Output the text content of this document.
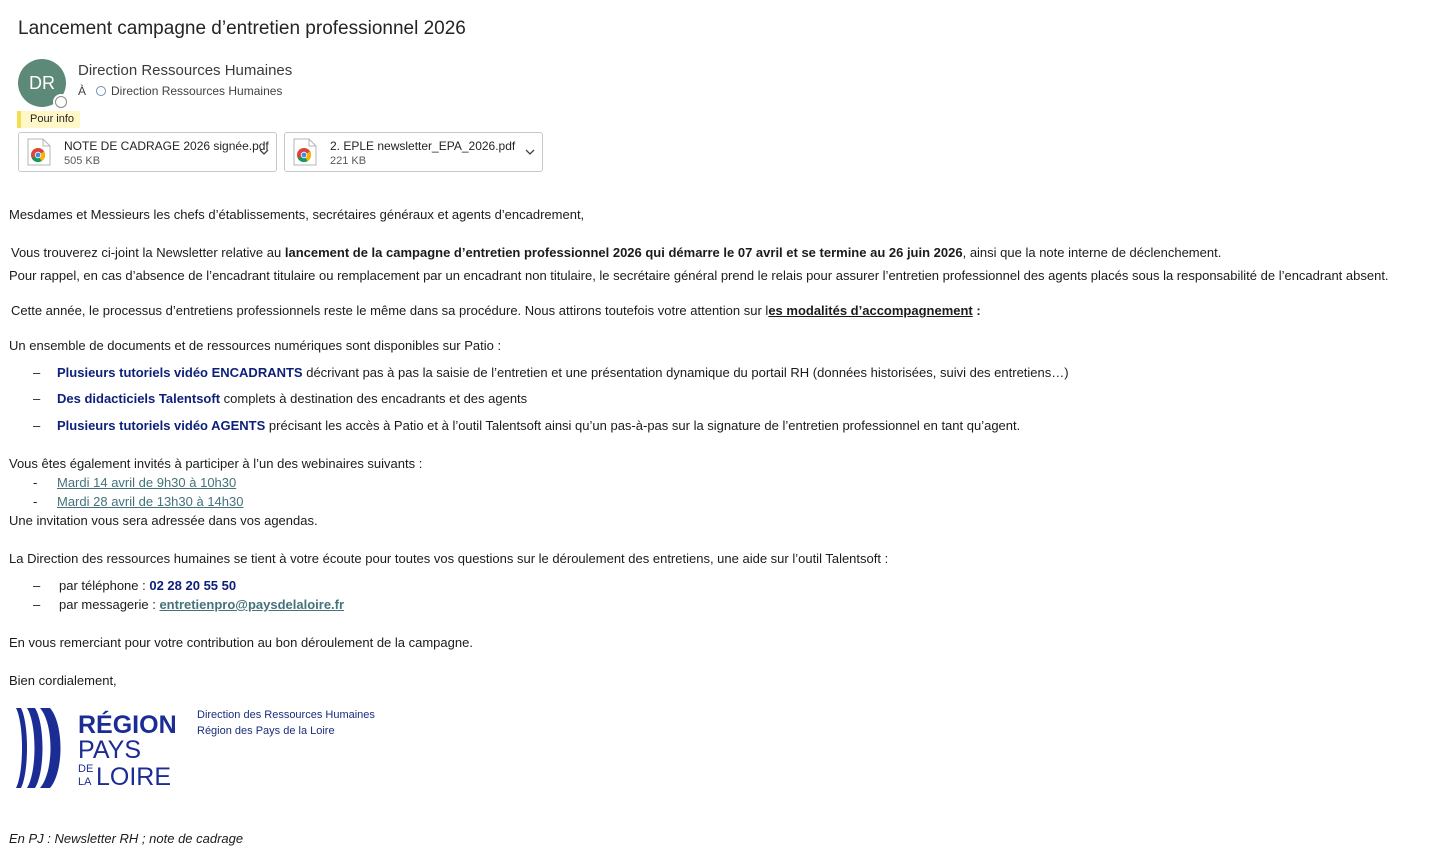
Lancement campagne d’entretien professionnel 2026
DR
Direction Ressources Humaines
À Direction Ressources Humaines
Pour info
NOTE DE CADRAGE 2026 signée.pdf
505 KB
2. EPLE newsletter_EPA_2026.pdf
221 KB
Mesdames et Messieurs les chefs d’établissements, secrétaires généraux et agents d’encadrement,
Vous trouverez ci-joint la Newsletter relative au lancement de la campagne d’entretien professionnel 2026 qui démarre le 07 avril et se termine au 26 juin 2026, ainsi que la note interne de déclenchement.
Pour rappel, en cas d’absence de l’encadrant titulaire ou remplacement par un encadrant non titulaire, le secrétaire général prend le relais pour assurer l’entretien professionnel des agents placés sous la responsabilité de l’encadrant absent.
Cette année, le processus d’entretiens professionnels reste le même dans sa procédure. Nous attirons toutefois votre attention sur les modalités d’accompagnement :
Un ensemble de documents et de ressources numériques sont disponibles sur Patio :
– Plusieurs tutoriels vidéo ENCADRANTS décrivant pas à pas la saisie de l’entretien et une présentation dynamique du portail RH (données historisées, suivi des entretiens…)
– Des didacticiels Talentsoft complets à destination des encadrants et des agents
– Plusieurs tutoriels vidéo AGENTS précisant les accès à Patio et à l’outil Talentsoft ainsi qu’un pas-à-pas sur la signature de l’entretien professionnel en tant qu’agent.
Vous êtes également invités à participer à l’un des webinaires suivants :
- Mardi 14 avril de 9h30 à 10h30
- Mardi 28 avril de 13h30 à 14h30
Une invitation vous sera adressée dans vos agendas.
La Direction des ressources humaines se tient à votre écoute pour toutes vos questions sur le déroulement des entretiens, une aide sur l’outil Talentsoft :
– par téléphone : 02 28 20 55 50
– par messagerie : entretienpro@paysdelaloire.fr
En vous remerciant pour votre contribution au bon déroulement de la campagne.
Bien cordialement,
RÉGION
PAYS
DE
LA LOIRE
Direction des Ressources Humaines
Région des Pays de la Loire
En PJ : Newsletter RH ; note de cadrage
